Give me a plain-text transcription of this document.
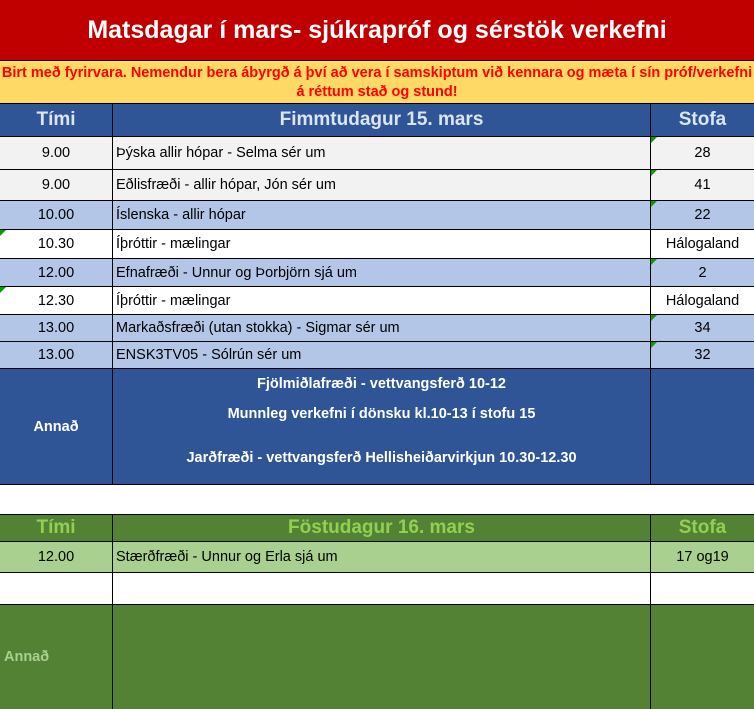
Matsdagar í mars- sjúkrapróf og sérstök verkefni
Birt með fyrirvara. Nemendur bera ábyrgð á því að vera í samskiptum við kennara og mæta í sín próf/verkefni á réttum stað og stund!
Tími	Fimmtudagur 15. mars	Stofa
9.00	Þýska allir hópar - Selma sér um	28
9.00	Eðlisfræði - allir hópar, Jón sér um	41
10.00	Íslenska - allir hópar	22
10.30	Íþróttir - mælingar	Hálogaland
12.00	Efnafræði - Unnur og Þorbjörn sjá um	2
12.30	Íþróttir - mælingar	Hálogaland
13.00	Markaðsfræði (utan stokka) - Sigmar sér um	34
13.00	ENSK3TV05 - Sólrún sér um	32
Annað
Fjölmiðlafræði - vettvangsferð 10-12
Munnleg verkefni í dönsku kl.10-13 í stofu 15
Jarðfræði - vettvangsferð Hellisheiðarvirkjun 10.30-12.30
Tími	Föstudagur 16. mars	Stofa
12.00	Stærðfræði - Unnur og Erla sjá um	17 og19
Annað
